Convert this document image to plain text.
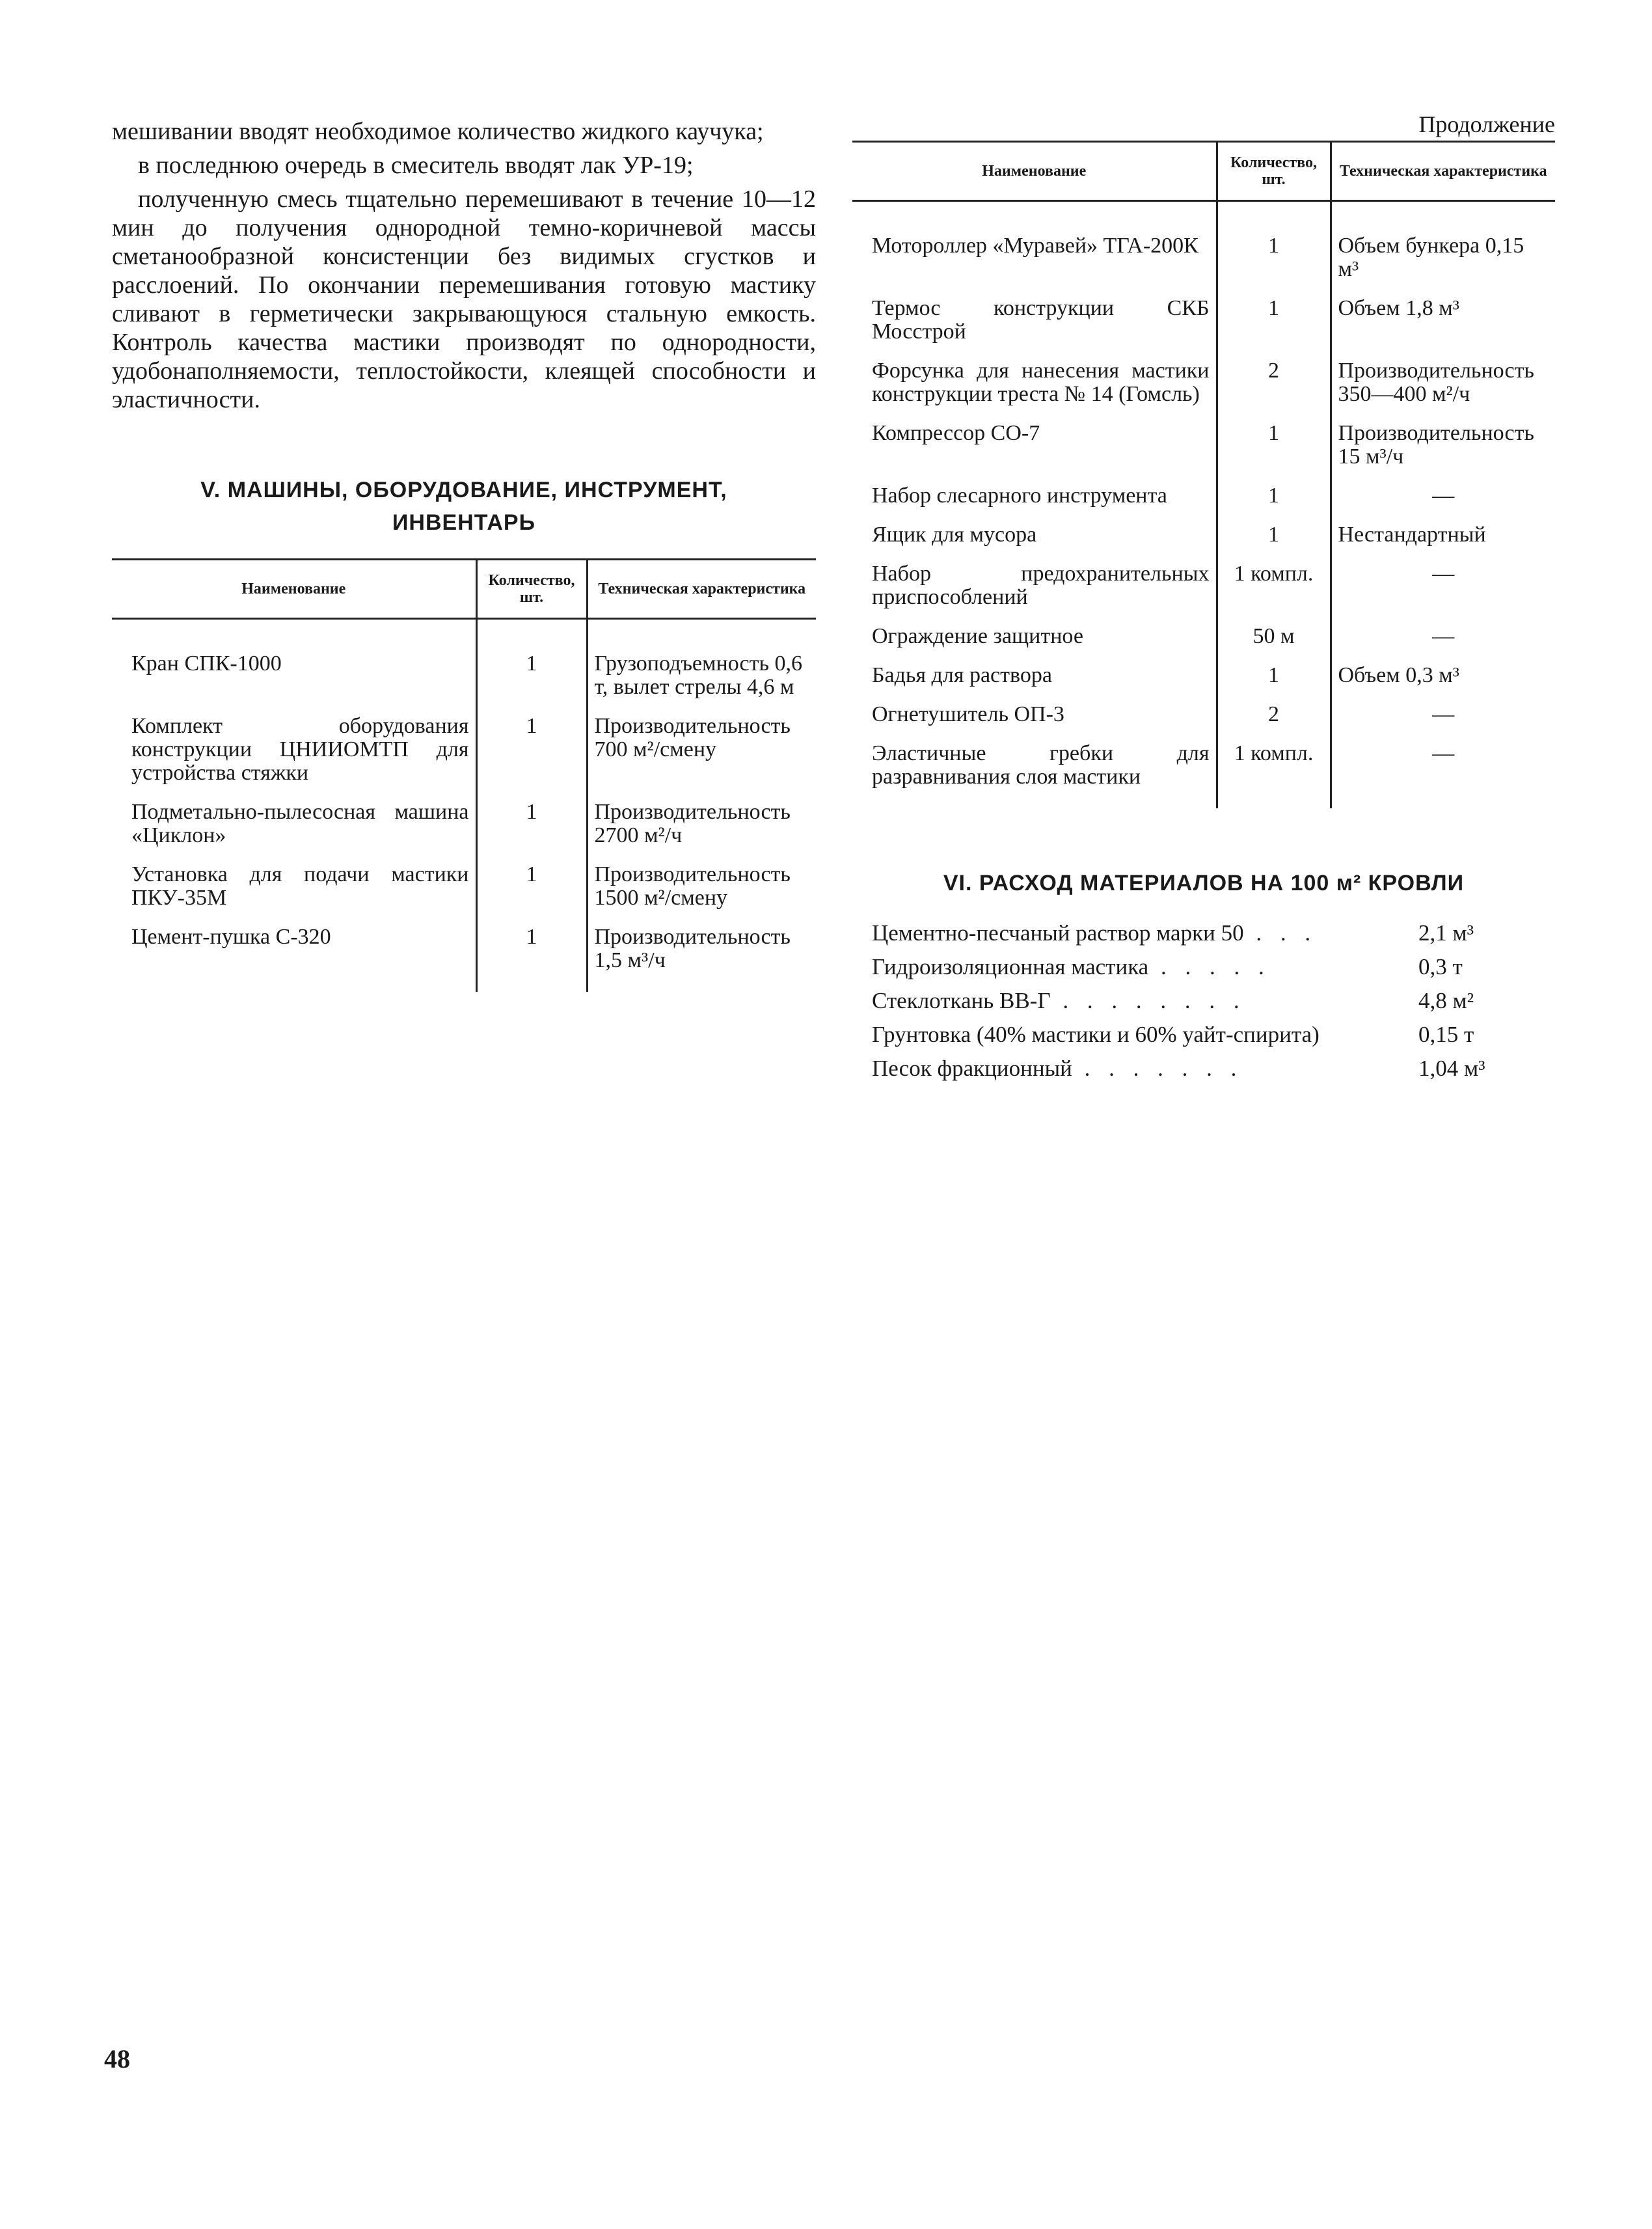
мешивании вводят необходимое количество жидкого каучука;

в последнюю очередь в смеситель вводят лак УР-19;

полученную смесь тщательно перемешивают в течение 10—12 мин до получения однородной темно-коричневой массы сметанообразной консистенции без видимых сгустков и расслоений. По окончании перемешивания готовую мастику сливают в герметически закрывающуюся стальную емкость. Контроль качества мастики производят по однородности, удобонаполняемости, теплостойкости, клеящей способности и эластичности.

V. МАШИНЫ, ОБОРУДОВАНИЕ, ИНСТРУМЕНТ,
ИНВЕНТАРЬ
Наименование	Количество, шт.	Техническая характеристика
Кран СПК-1000	1	Грузоподъемность 0,6 т, вылет стрелы 4,6 м
Комплект оборудования конструкции ЦНИИОМТП для устройства стяжки	1	Производительность 700 м²/смену
Подметально-пылесосная машина «Циклон»	1	Производительность 2700 м²/ч
Установка для подачи мастики ПКУ-35М	1	Производительность 1500 м²/смену
Цемент-пушка С-320	1	Производительность 1,5 м³/ч
Продолжение
Наименование	Количество, шт.	Техническая характеристика
Мотороллер «Муравей» ТГА-200К	1	Объем бункера 0,15 м³
Термос конструкции СКБ Мосстрой	1	Объем 1,8 м³
Форсунка для нанесения мастики конструкции треста № 14 (Гомсль)	2	Производительность 350—400 м²/ч
Компрессор СО-7	1	Производительность 15 м³/ч
Набор слесарного инструмента	1	—
Ящик для мусора	1	Нестандартный
Набор предохранительных приспособлений	1 компл.	—
Ограждение защитное	50 м	—
Бадья для раствора	1	Объем 0,3 м³
Огнетушитель ОП-3	2	—
Эластичные гребки для разравнивания слоя мастики	1 компл.	—
VI. РАСХОД МАТЕРИАЛОВ НА 100 м² КРОВЛИ
Цементно-песчаный раствор марки 50 . . .	2,1 м³
Гидроизоляционная мастика . . . . .	0,3 т
Стеклоткань ВВ-Г . . . . . . . .	4,8 м²
Грунтовка (40% мастики и 60% уайт-спирита)	0,15 т
Песок фракционный . . . . . . .	1,04 м³
48
